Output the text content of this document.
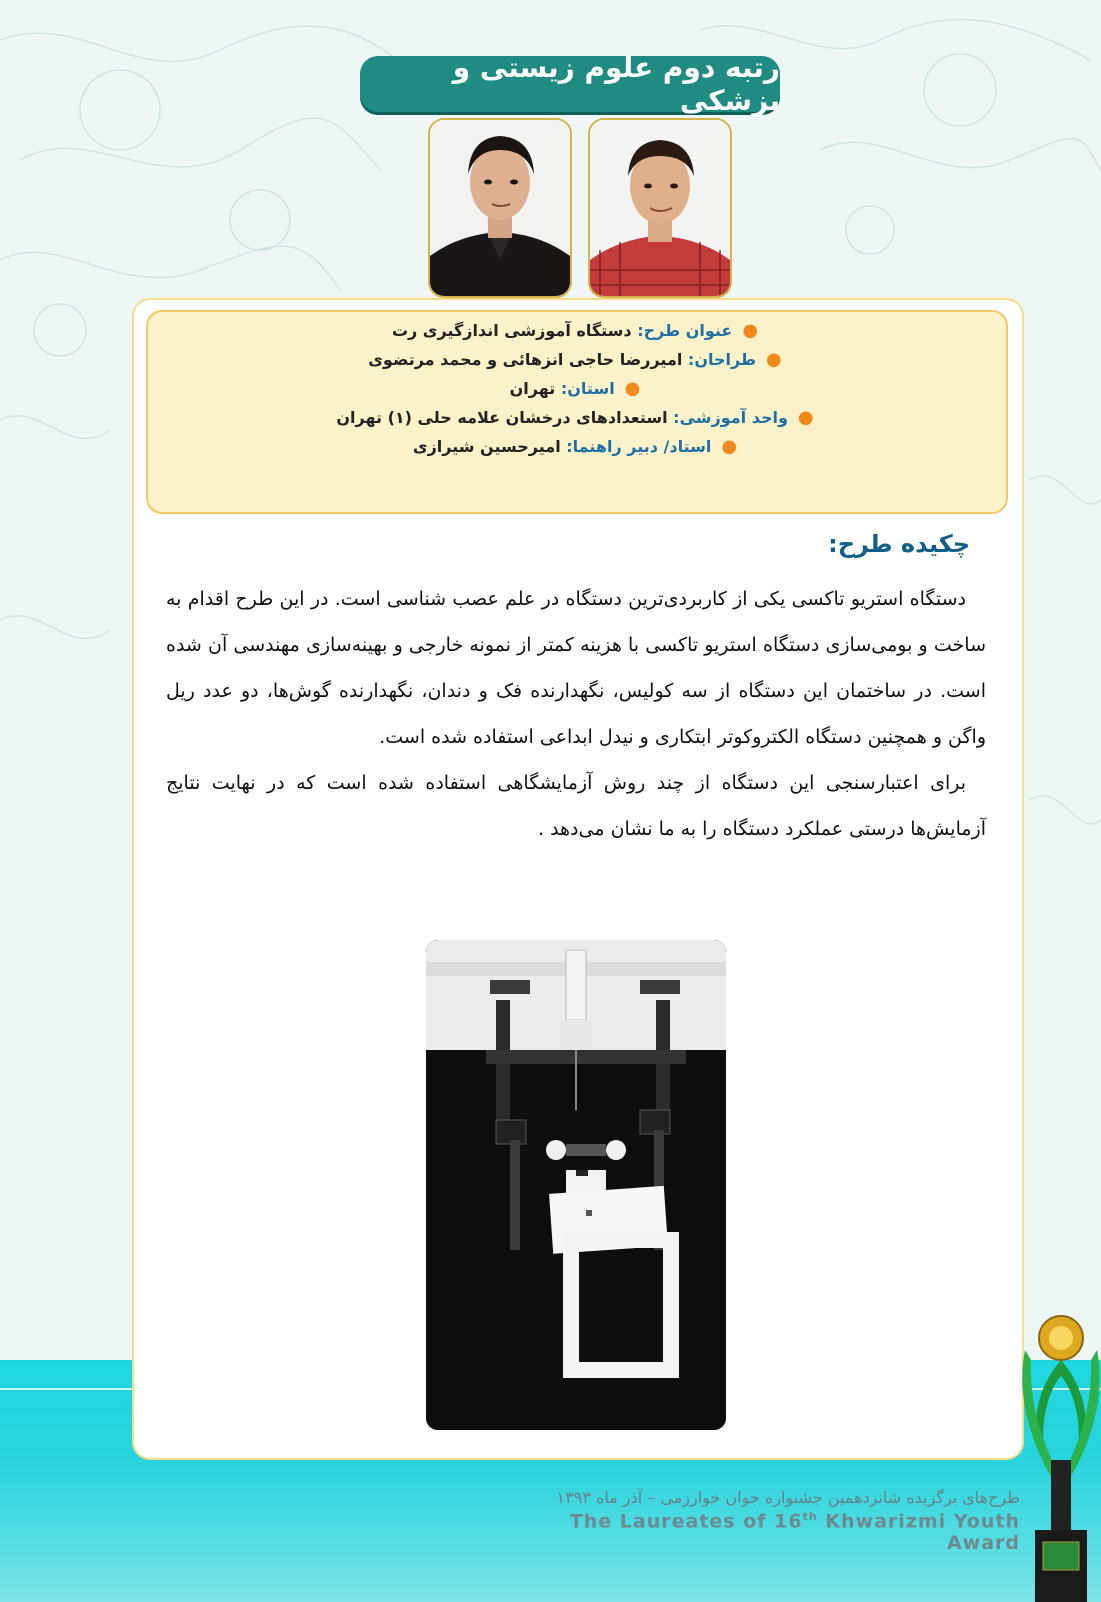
رتبه دوم علوم زیستی و پزشکی
●عنوان طرح: دستگاه آموزشی اندازگیری رت
●طراحان: امیررضا حاجی انزهائی و محمد مرتضوی
●استان: تهران
●واحد آموزشی: استعدادهای درخشان علامه حلی (۱) تهران
●استاد/ دبیر راهنما: امیرحسین شیرازی
چکیده طرح:

دستگاه استریو تاکسی یکی از کاربردی‌ترین دستگاه در علم عصب شناسی است. در این طرح اقدام به ساخت و بومی‌سازی دستگاه استریو تاکسی با هزینه کمتر از نمونه خارجی و بهینه‌سازی مهندسی آن شده است. در ساختمان این دستگاه از سه کولیس، نگهدارنده فک و دندان، نگهدارنده گوش‌ها، دو عدد ریل واگن و همچنین دستگاه الکتروکوتر ابتکاری و نیدل ابداعی استفاده شده است.

برای اعتبارسنجی این دستگاه از چند روش آزمایشگاهی استفاده شده است که در نهایت نتایج آزمایش‌ها درستی عملکرد دستگاه را به ما نشان می‌دهد .

طرح‌های برگزیده شانزدهمین جشنواره جوان خوارزمی – آذر ماه ۱۳۹۳
The Laureates of 16th Khwarizmi Youth Award
